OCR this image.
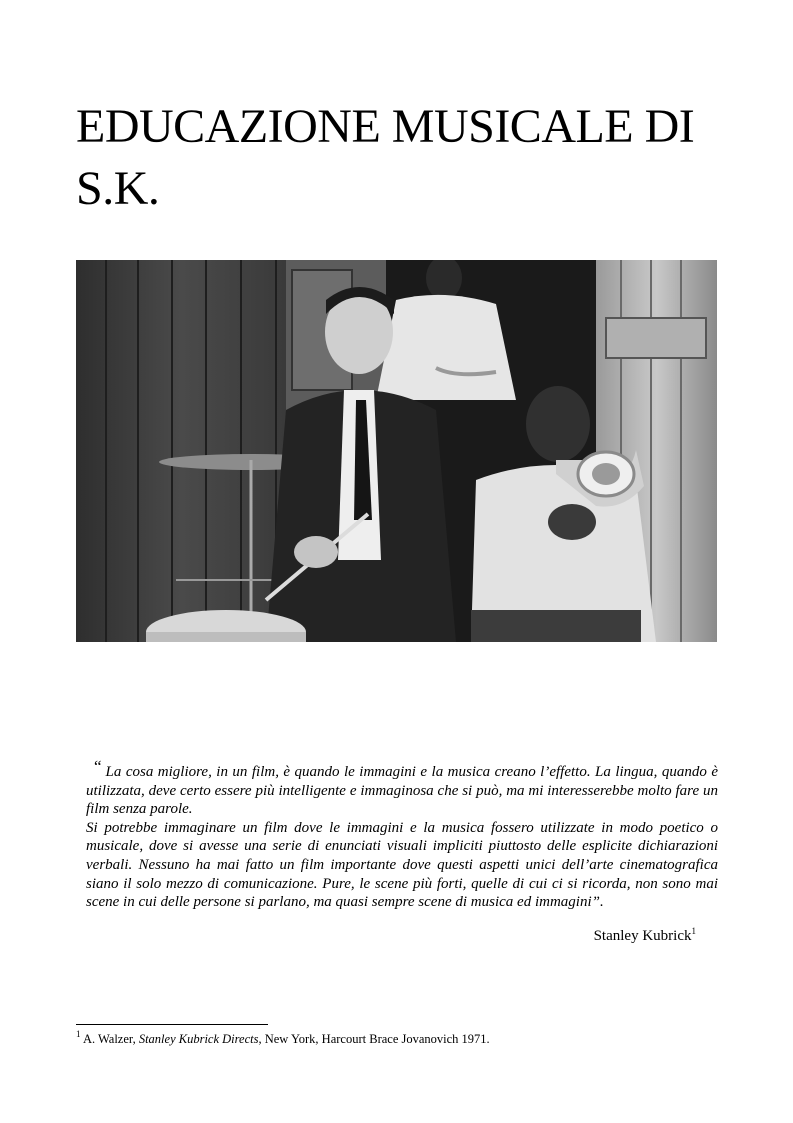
EDUCAZIONE MUSICALE DI S.K.

“ La cosa migliore, in un film, è quando le immagini e la musica creano l’effetto. La lingua, quando è utilizzata, deve certo essere più intelligente e immaginosa che si può, ma mi interesserebbe molto fare un film senza parole.

Si potrebbe immaginare un film dove le immagini e la musica fossero utilizzate in modo poetico o musicale, dove si avesse una serie di enunciati visuali impliciti piuttosto delle esplicite dichiarazioni verbali. Nessuno ha mai fatto un film importante dove questi aspetti unici dell’arte cinematografica siano il solo mezzo di comunicazione. Pure, le scene più forti, quelle di cui ci si ricorda, non sono mai scene in cui delle persone si parlano, ma quasi sempre scene di musica ed immagini”.

Stanley Kubrick$^1$
$^1$ A. Walzer, Stanley Kubrick Directs, New York, Harcourt Brace Jovanovich 1971.
